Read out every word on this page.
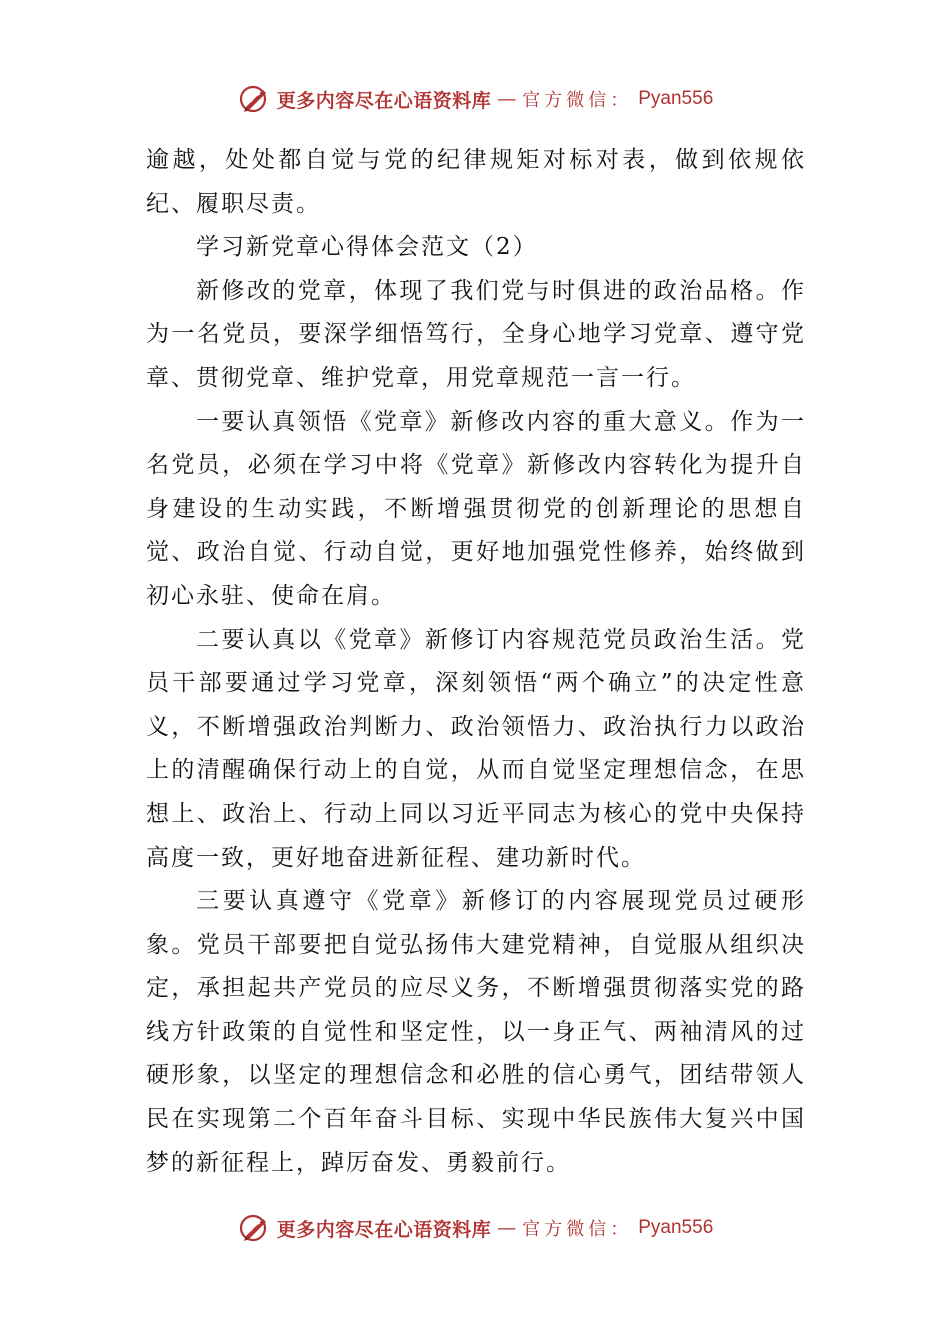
更多内容尽在心语资料库 — 官方微信： Pyan556

逾越，处处都自觉与党的纪律规矩对标对表，做到依规依纪、履职尽责。

学习新党章心得体会范文（2）

新修改的党章，体现了我们党与时俱进的政治品格。作为一名党员，要深学细悟笃行，全身心地学习党章、遵守党章、贯彻党章、维护党章，用党章规范一言一行。

一要认真领悟《党章》新修改内容的重大意义。作为一名党员，必须在学习中将《党章》新修改内容转化为提升自身建设的生动实践，不断增强贯彻党的创新理论的思想自觉、政治自觉、行动自觉，更好地加强党性修养，始终做到初心永驻、使命在肩。

二要认真以《党章》新修订内容规范党员政治生活。党员干部要通过学习党章，深刻领悟“两个确立”的决定性意义，不断增强政治判断力、政治领悟力、政治执行力以政治上的清醒确保行动上的自觉，从而自觉坚定理想信念，在思想上、政治上、行动上同以习近平同志为核心的党中央保持高度一致，更好地奋进新征程、建功新时代。

三要认真遵守《党章》新修订的内容展现党员过硬形象。党员干部要把自觉弘扬伟大建党精神，自觉服从组织决定，承担起共产党员的应尽义务，不断增强贯彻落实党的路线方针政策的自觉性和坚定性，以一身正气、两袖清风的过硬形象，以坚定的理想信念和必胜的信心勇气，团结带领人民在实现第二个百年奋斗目标、实现中华民族伟大复兴中国梦的新征程上，踔厉奋发、勇毅前行。

更多内容尽在心语资料库 — 官方微信： Pyan556
